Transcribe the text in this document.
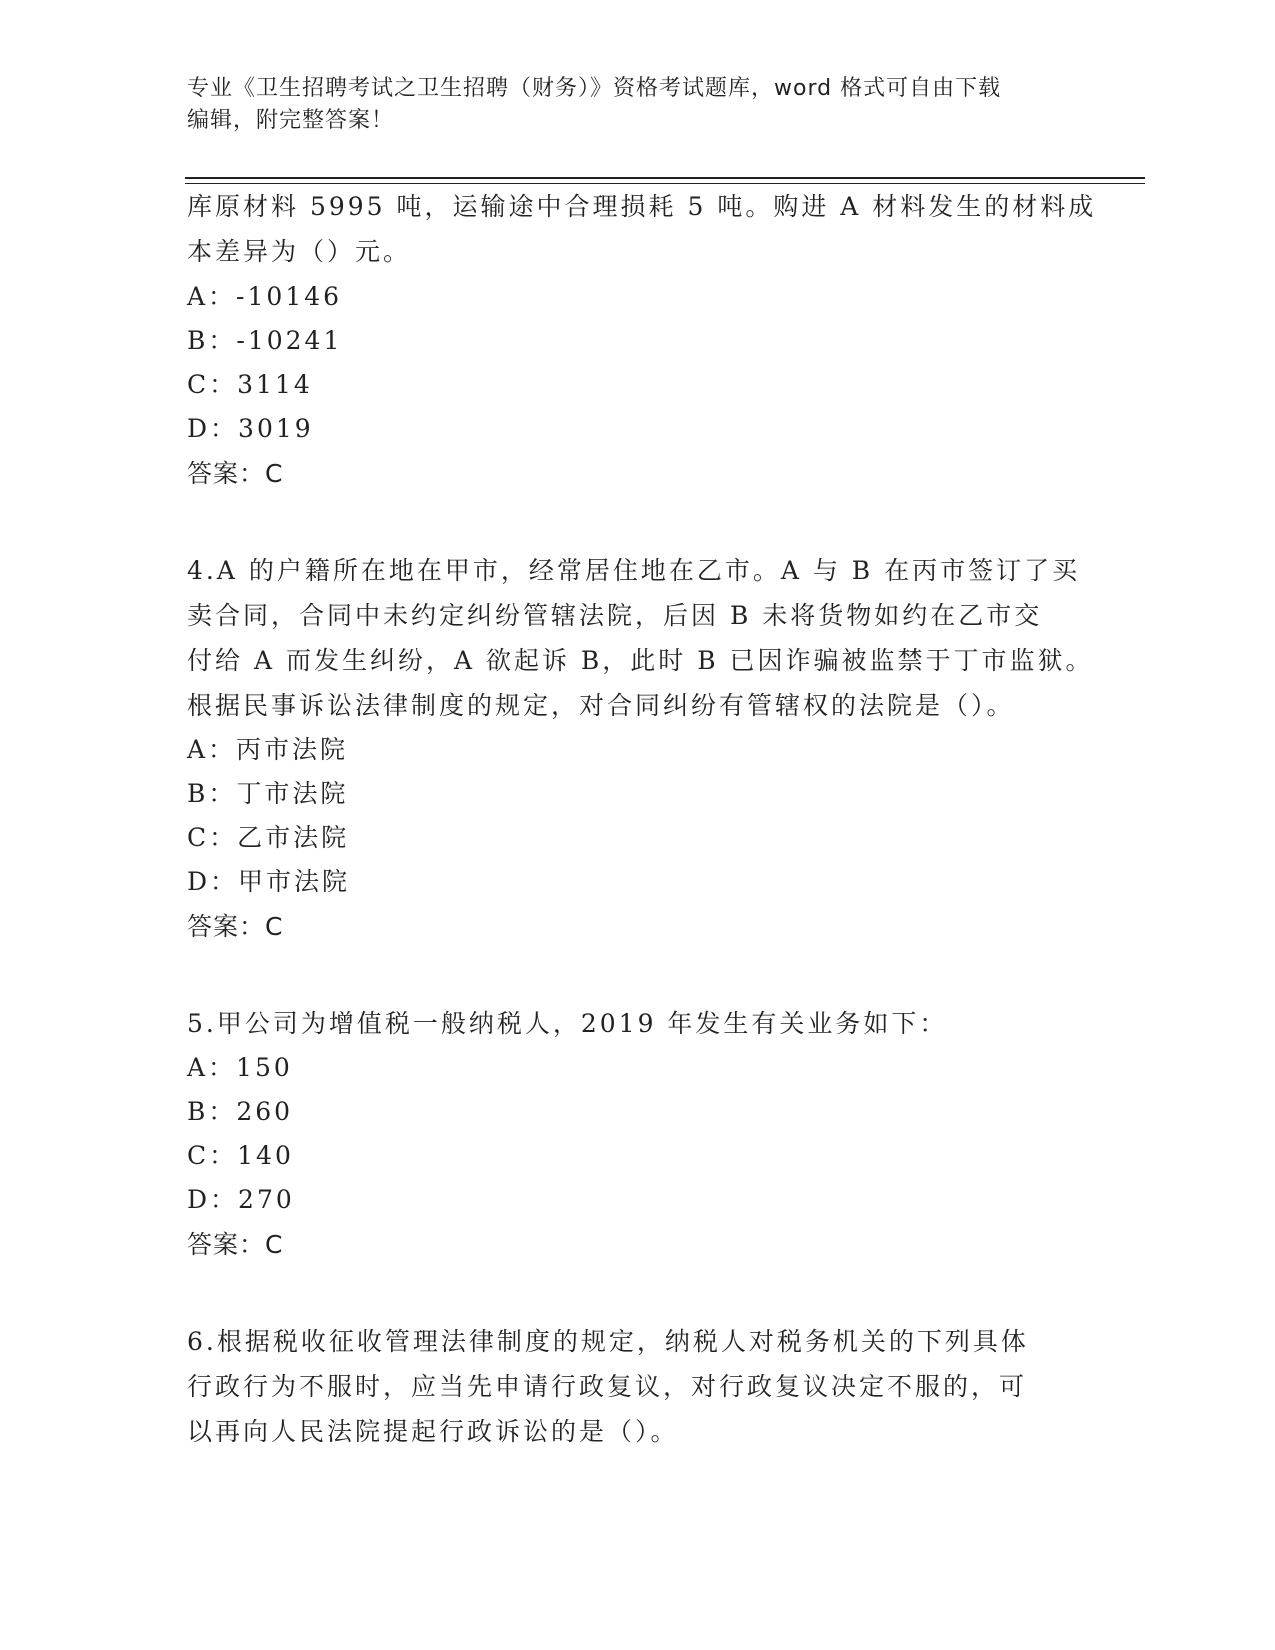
专业《卫生招聘考试之卫生招聘（财务）》资格考试题库，word 格式可自由下载
编辑，附完整答案！
库原材料 5995 吨，运输途中合理损耗 5 吨。购进 A 材料发生的材料成
本差异为（）元。
A：-10146
B：-10241
C：3114
D：3019
答案：C
4.A 的户籍所在地在甲市，经常居住地在乙市。A 与 B 在丙市签订了买
卖合同，合同中未约定纠纷管辖法院，后因 B 未将货物如约在乙市交
付给 A 而发生纠纷，A 欲起诉 B，此时 B 已因诈骗被监禁于丁市监狱。
根据民事诉讼法律制度的规定，对合同纠纷有管辖权的法院是（）。
A：丙市法院
B：丁市法院
C：乙市法院
D：甲市法院
答案：C
5.甲公司为增值税一般纳税人，2019 年发生有关业务如下：
A：150
B：260
C：140
D：270
答案：C
6.根据税收征收管理法律制度的规定，纳税人对税务机关的下列具体
行政行为不服时，应当先申请行政复议，对行政复议决定不服的，可
以再向人民法院提起行政诉讼的是（）。
